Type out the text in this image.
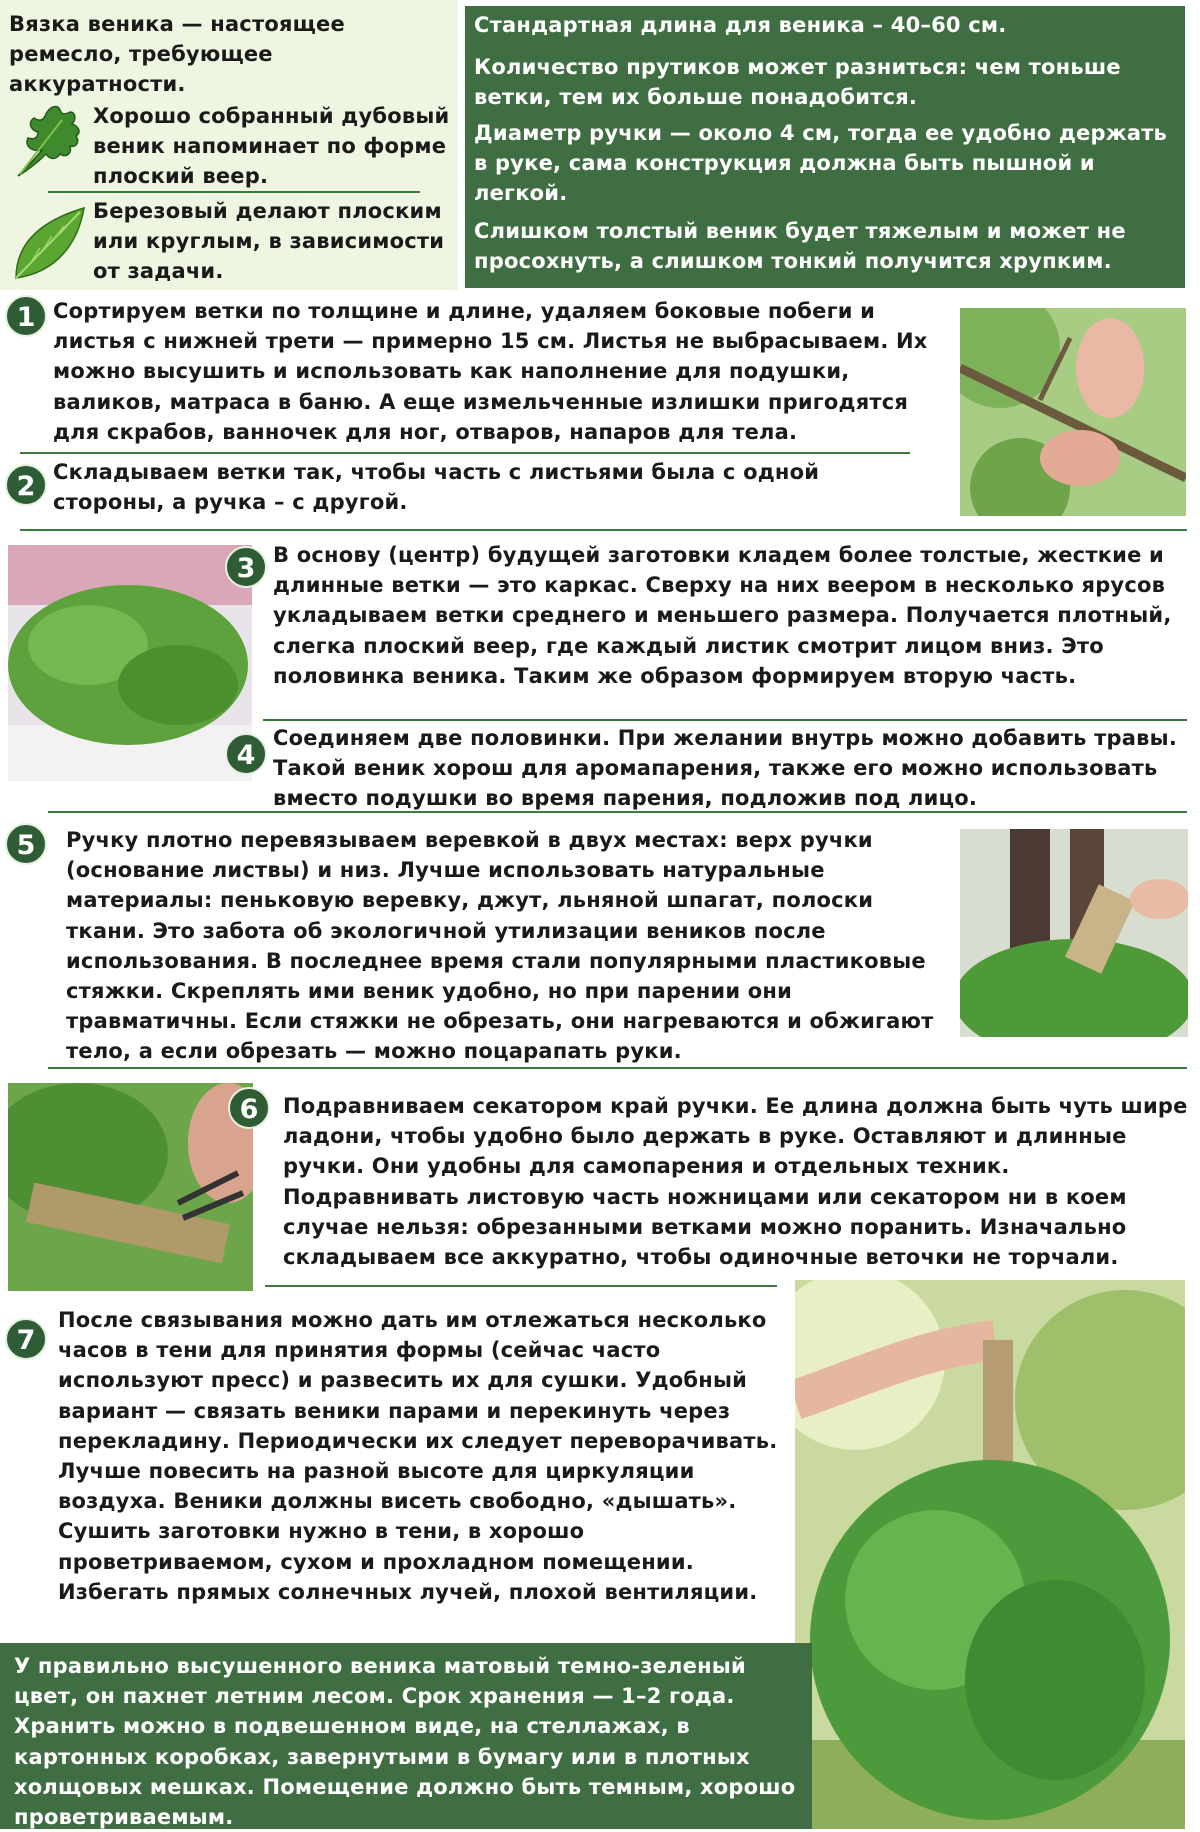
Вязка веника — настоящее ремесло, требующее аккуратности.
Хорошо собранный дубовый веник напоминает по форме плоский веер.
Березовый делают плоским или круглым, в зависимости от задачи.

Стандартная длина для веника – 40–60 см.

Количество прутиков может разниться: чем тоньше ветки, тем их больше понадобится.

Диаметр ручки — около 4 см, тогда ее удобно держать в руке, сама конструкция должна быть пышной и легкой.

Слишком толстый веник будет тяжелым и может не просохнуть, а слишком тонкий получится хрупким.

1 Сортируем ветки по толщине и длине, удаляем боковые побеги и листья с нижней трети — примерно 15 см. Листья не выбрасываем. Их можно высушить и использовать как наполнение для подушки, валиков, матраса в баню. А еще измельченные излишки пригодятся для скрабов, ванночек для ног, отваров, напаров для тела.
2 Складываем ветки так, чтобы часть с листьями была с одной стороны, а ручка – с другой.
3 В основу (центр) будущей заготовки кладем более толстые, жесткие и длинные ветки — это каркас. Сверху на них веером в несколько ярусов укладываем ветки среднего и меньшего размера. Получается плотный, слегка плоский веер, где каждый листик смотрит лицом вниз. Это половинка веника. Таким же образом формируем вторую часть.
4
Соединяем две половинки. При желании внутрь можно добавить травы. Такой веник хорош для аромапарения, также его можно использовать вместо подушки во время парения, подложив под лицо.
5	Ручку плотно перевязываем веревкой в двух местах: верх ручки (основание листвы) и низ. Лучше использовать натуральные материалы: пеньковую веревку, джут, льняной шпагат, полоски ткани. Это забота об экологичной утилизации веников после использования. В последнее время стали популярными пластиковые стяжки. Скреплять ими веник удобно, но при парении они травматичны. Если стяжки не обрезать, они нагреваются и обжигают тело, а если обрезать — можно поцарапать руки.
6	Подравниваем секатором край ручки. Ее длина должна быть чуть шире ладони, чтобы удобно было держать в руке. Оставляют и длинные ручки. Они удобны для самопарения и отдельных техник. Подравнивать листовую часть ножницами или секатором ни в коем случае нельзя: обрезанными ветками можно поранить. Изначально складываем все аккуратно, чтобы одиночные веточки не торчали.
7
После связывания можно дать им отлежаться несколько часов в тени для принятия формы (сейчас часто используют пресс) и развесить их для сушки. Удобный вариант — связать веники парами и перекинуть через перекладину. Периодически их следует переворачивать. Лучше повесить на разной высоте для циркуляции воздуха. Веники должны висеть свободно, «дышать». Сушить заготовки нужно в тени, в хорошо проветриваемом, сухом и прохладном помещении. Избегать прямых солнечных лучей, плохой вентиляции.
У правильно высушенного веника матовый темно-зеленый цвет, он пахнет летним лесом. Срок хранения — 1–2 года. Хранить можно в подвешенном виде, на стеллажах, в картонных коробках, завернутыми в бумагу или в плотных холщовых мешках. Помещение должно быть темным, хорошо проветриваемым.
